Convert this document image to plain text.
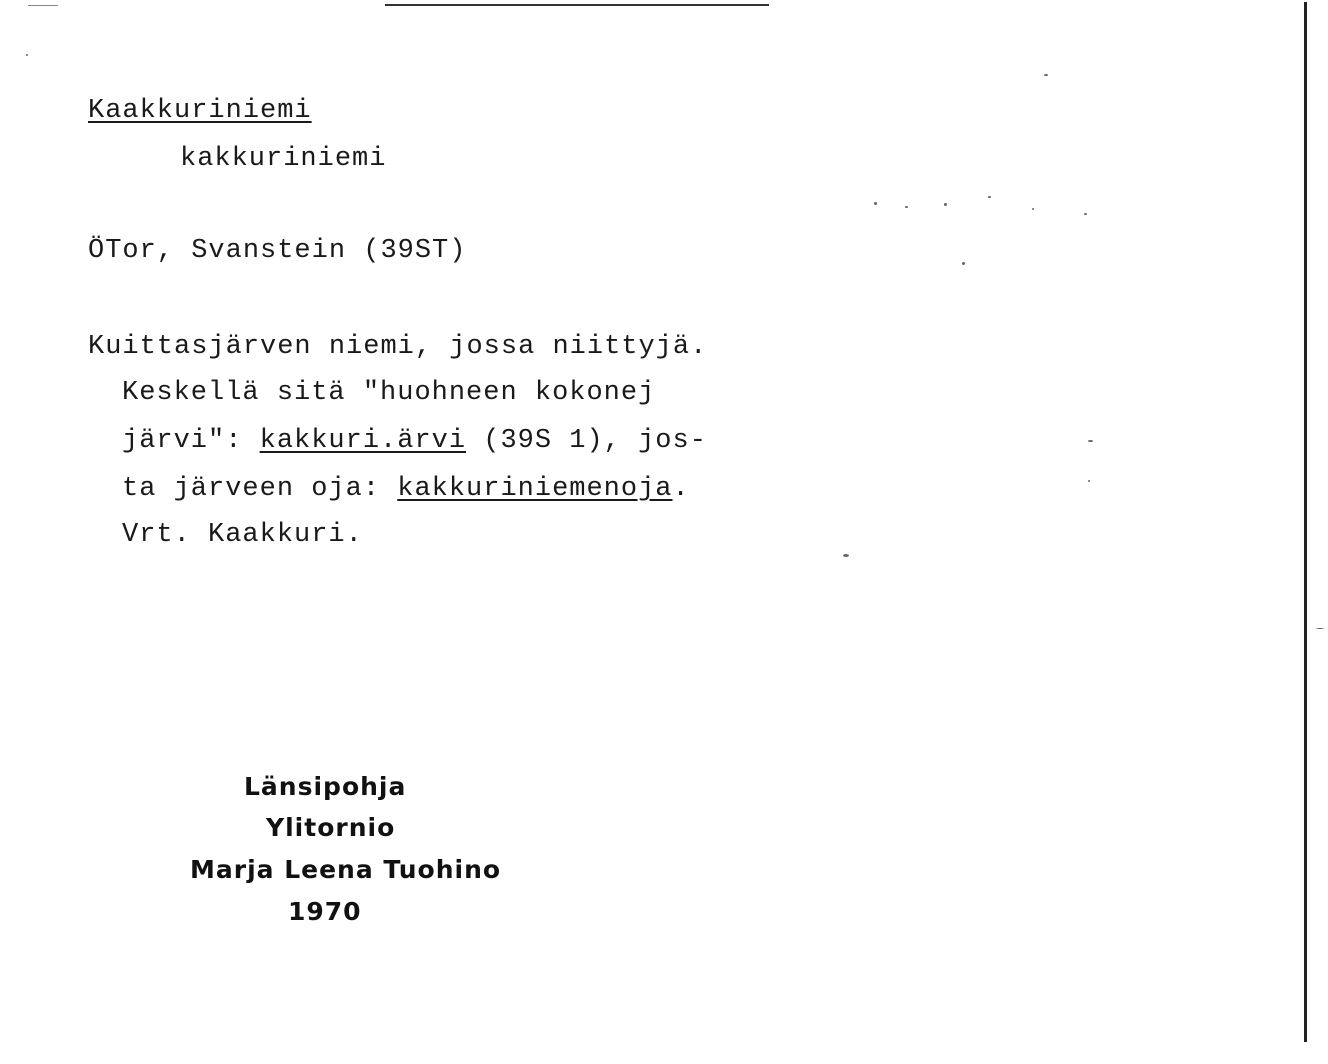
Kaakkuriniemi
kakkuriniemi
ÖTor, Svanstein (39ST)
Kuittasjärven niemi, jossa niittyjä.
Keskellä sitä "huohneen kokonej
järvi": kakkuri.ärvi (39S 1), jos-
ta järveen oja: kakkuriniemenoja.
Vrt. Kaakkuri.
Länsipohja
Ylitornio
Marja Leena Tuohino
1970
